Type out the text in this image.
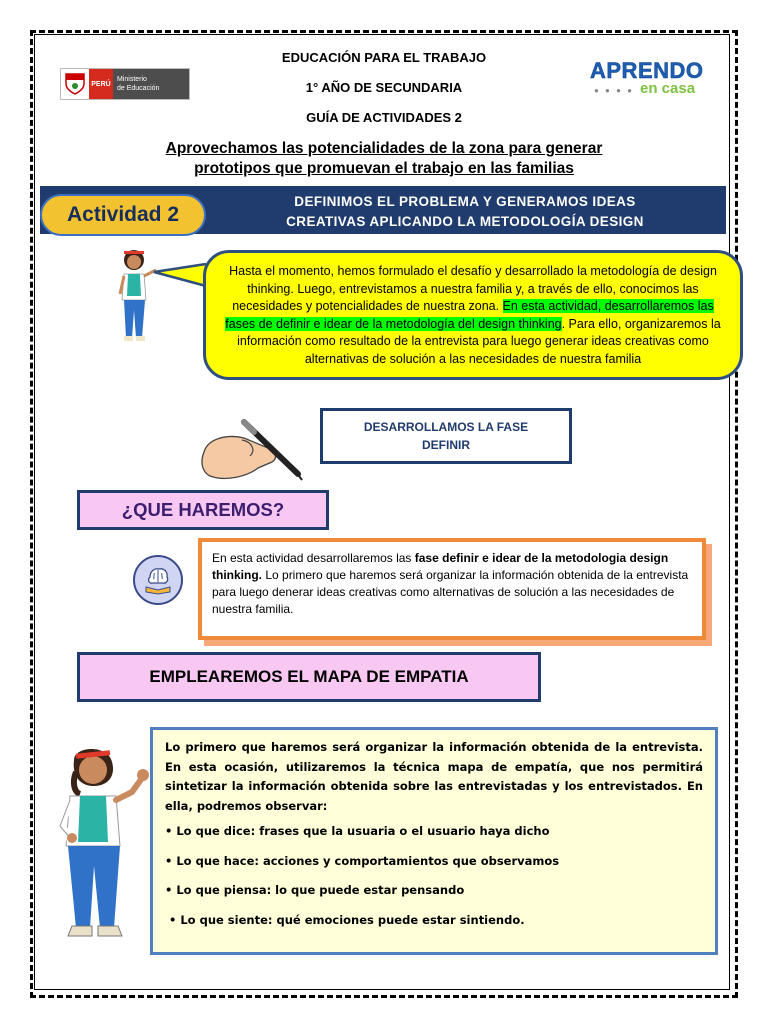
EDUCACIÓN PARA EL TRABAJO
1° AÑO DE SECUNDARIA
GUÍA DE ACTIVIDADES 2
PERÚ
Ministerio
de Educación
APRENDO
● ● ● ● en casa
Aprovechamos las potencialidades de la zona para generar
prototipos que promuevan el trabajo en las familias
Actividad 2
DEFINIMOS EL PROBLEMA Y GENERAMOS IDEAS
CREATIVAS APLICANDO LA METODOLOGÍA DESIGN
Hasta el momento, hemos formulado el desafío y desarrollado la metodología de design thinking. Luego, entrevistamos a nuestra familia y, a través de ello, conocimos las necesidades y potencialidades de nuestra zona. En esta actividad, desarrollaremos las fases de definir e idear de la metodología del design thinking. Para ello, organizaremos la información como resultado de la entrevista para luego generar ideas creativas como alternativas de solución a las necesidades de nuestra familia
DESARROLLAMOS LA FASE
DEFINIR
¿QUE HAREMOS?
En esta actividad desarrollaremos las fase definir e idear de la metodologia design thinking. Lo primero que haremos será organizar la información obtenida de la entrevista para luego denerar ideas creativas como alternativas de solución a las necesidades de nuestra familia.
EMPLEAREMOS EL MAPA DE EMPATIA

Lo primero que haremos será organizar la información obtenida de la entrevista. En esta ocasión, utilizaremos la técnica mapa de empatía, que nos permitirá sintetizar la información obtenida sobre las entrevistadas y los entrevistados. En ella, podremos observar:

• Lo que dice: frases que la usuaria o el usuario haya dicho
• Lo que hace: acciones y comportamientos que observamos
• Lo que piensa: lo que puede estar pensando
• Lo que siente: qué emociones puede estar sintiendo.
